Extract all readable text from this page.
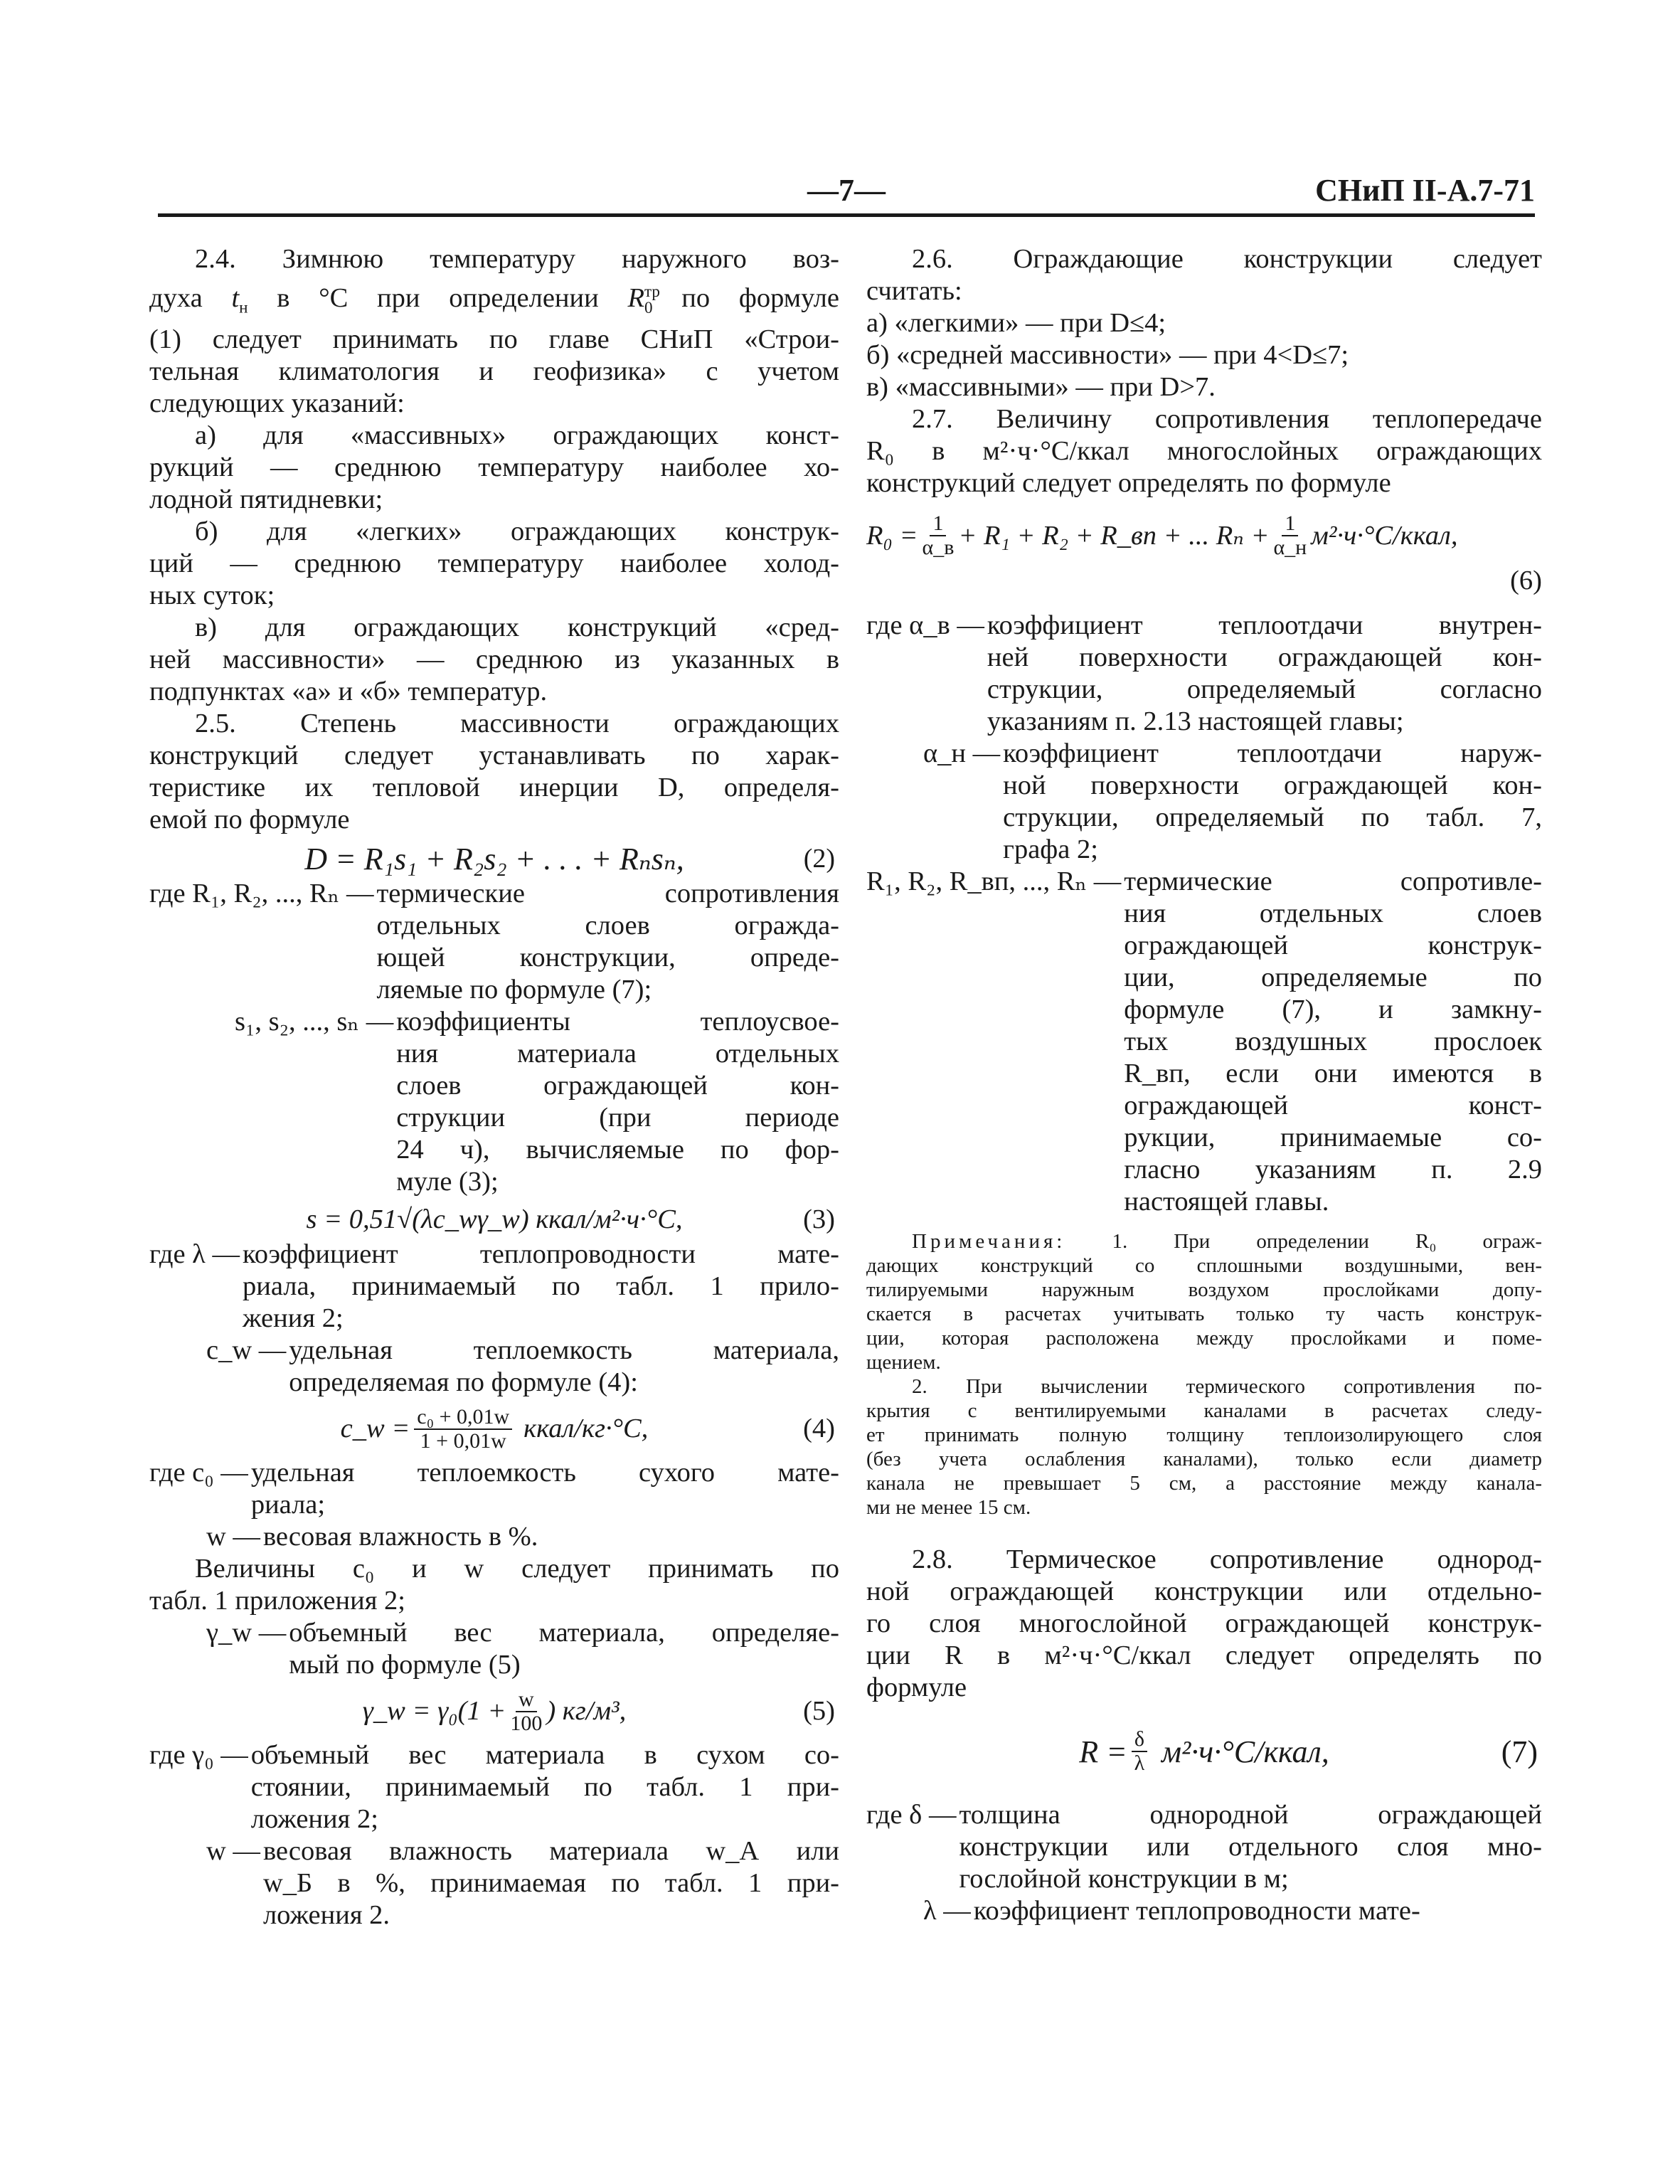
—7—	СНиП II-А.7-71
2.4. Зимнюю температуру наружного воз-
духа $t_н$ в °С при определении $R^{тр}_0$ по формуле
(1) следует принимать по главе СНиП «Строи-
тельная климатология и геофизика» с учетом
следующих указаний:
а) для «массивных» ограждающих конст-
рукций — среднюю температуру наиболее хо-
лодной пятидневки;
б) для «легких» ограждающих конструк-
ций — среднюю температуру наиболее холод-
ных суток;
в) для ограждающих конструкций «сред-
ней массивности» — среднюю из указанных в
подпунктах «а» и «б» температур.
2.5. Степень массивности ограждающих
конструкций следует устанавливать по харак-
теристике их тепловой инерции D, определя-
емой по формуле
D = R₁s₁ + R₂s₂ + . . . + Rₙsₙ,	(2)
где R₁, R₂, ..., Rₙ — термические сопротивления
отдельных слоев огражда-
ющей конструкции, опреде-
ляемые по формуле (7);
s₁, s₂, ..., sₙ — коэффициенты теплоусвое-
ния материала отдельных
слоев ограждающей кон-
струкции (при периоде
24 ч), вычисляемые по фор-
муле (3);
s = 0,51√(λc_wγ_w) ккал/м²·ч·°С,	(3)
где λ — коэффициент теплопроводности мате-
риала, принимаемый по табл. 1 прило-
жения 2;
c_w — удельная теплоемкость материала,
определяемая по формуле (4):
c_w = $\frac{\text{c₀ + 0,01w}}{1 + 0,01w}$ ккал/кг·°С,	(4)
где c₀ — удельная теплоемкость сухого мате-
риала;
w — весовая влажность в %.
Величины c₀ и w следует принимать по
табл. 1 приложения 2;
γ_w — объемный вес материала, определяе-
мый по формуле (5)
γ_w = $\gamma_0(1 + \frac{w}{100}$ ) кг/м³,	(5)
где γ₀ — объемный вес материала в сухом со-
стоянии, принимаемый по табл. 1 при-
ложения 2;
w — весовая влажность материала w_А или
w_Б в %, принимаемая по табл. 1 при-
ложения 2.
2.6. Ограждающие конструкции следует
считать:
а) «легкими» — при D≤4;
б) «средней массивности» — при 4<D≤7;
в) «массивными» — при D>7.
2.7. Величину сопротивления теплопередаче
R₀ в м²·ч·°С/ккал многослойных ограждающих
конструкций следует определять по формуле
$R_0 = \frac{1}{\alpha\_в} + R_1 + R_2$ + R_вп + ... $R_n + \frac{1}{\alpha\_н}$ м²·ч·°С/ккал,
(6)
где α_в — коэффициент теплоотдачи внутрен-
ней поверхности ограждающей кон-
струкции, определяемый согласно
указаниям п. 2.13 настоящей главы;
α_н — коэффициент теплоотдачи наруж-
ной поверхности ограждающей кон-
струкции, определяемый по табл. 7,
графа 2;
R₁, R₂, R_вп, ..., Rₙ — термические сопротивле-
ния отдельных слоев
ограждающей конструк-
ции, определяемые по
формуле (7), и замкну-
тых воздушных прослоек
R_вп, если они имеются в
ограждающей конст-
рукции, принимаемые со-
гласно указаниям п. 2.9
настоящей главы.
Примечания: 1. При определении R₀ ограж-
дающих конструкций со сплошными воздушными, вен-
тилируемыми наружным воздухом прослойками допу-
скается в расчетах учитывать только ту часть конструк-
ции, которая расположена между прослойками и поме-
щением.
2. При вычислении термического сопротивления по-
крытия с вентилируемыми каналами в расчетах следу-
ет принимать полную толщину теплоизолирующего слоя
(без учета ослабления каналами), только если диаметр
канала не превышает 5 см, а расстояние между канала-
ми не менее 15 см.
2.8. Термическое сопротивление однород-
ной ограждающей конструкции или отдельно-
го слоя многослойной ограждающей конструк-
ции R в м²·ч·°С/ккал следует определять по
формуле
$R = \frac{\delta}{\lambda}$ м²·ч·°С/ккал,	(7)
где δ — толщина однородной ограждающей
конструкции или отдельного слоя мно-
гослойной конструкции в м;
λ — коэффициент теплопроводности мате-
